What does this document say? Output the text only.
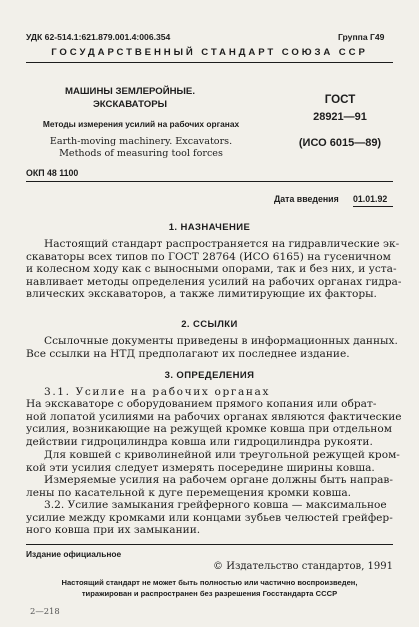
УДК 62-514.1:621.879.001.4:006.354	Группа Г49
ГОСУДАРСТВЕННЫЙ СТАНДАРТ СОЮЗА ССР
МАШИНЫ ЗЕМЛЕРОЙНЫЕ.
ЭКСКАВАТОРЫ
Методы измерения усилий на рабочих органах
Earth-moving machinery. Excavators.
Methods of measuring tool forces
ГОСТ
28921—91
(ИСО 6015—89)
ОКП 48 1100
Дата введения 01.01.92
1. НАЗНАЧЕНИЕ
Настоящий стандарт распространяется на гидравлические эк-
скаваторы всех типов по ГОСТ 28764 (ИСО 6165) на гусеничном
и колесном ходу как с выносными опорами, так и без них, и устa-
навливает методы определения усилий на рабочих органах гидра-
влических экскаваторов, а также лимитирующие их факторы.
2. ССЫЛКИ
Ссылочные документы приведены в информационных данных.
Все ссылки на НТД предполагают их последнее издание.
3. ОПРЕДЕЛЕНИЯ
3.1. Усилие на рабочих органах
На экскаваторе с оборудованием прямого копания или обрат-
ной лопатой усилиями на рабочих органах являются фактические
усилия, возникающие на режущей кромке ковша при отдельном
действии гидроцилиндра ковша или гидроцилиндра рукояти.
Для ковшей с криволинейной или треугольной режущей кром-
кой эти усилия следует измерять посередине ширины ковша.
Измеряемые усилия на рабочем органе должны быть направ-
лены по касательной к дуге перемещения кромки ковша.
3.2. Усилие замыкания грейферного ковша — максимальное
усилие между кромками или концами зубьев челюстей грейфер-
ного ковша при их замыкании.
Издание официальное
© Издательство стандартов, 1991
Настоящий стандарт не может быть полностью или частично воспроизведен,
тиражирован и распространен без разрешения Госстандарта СССР
2—218
